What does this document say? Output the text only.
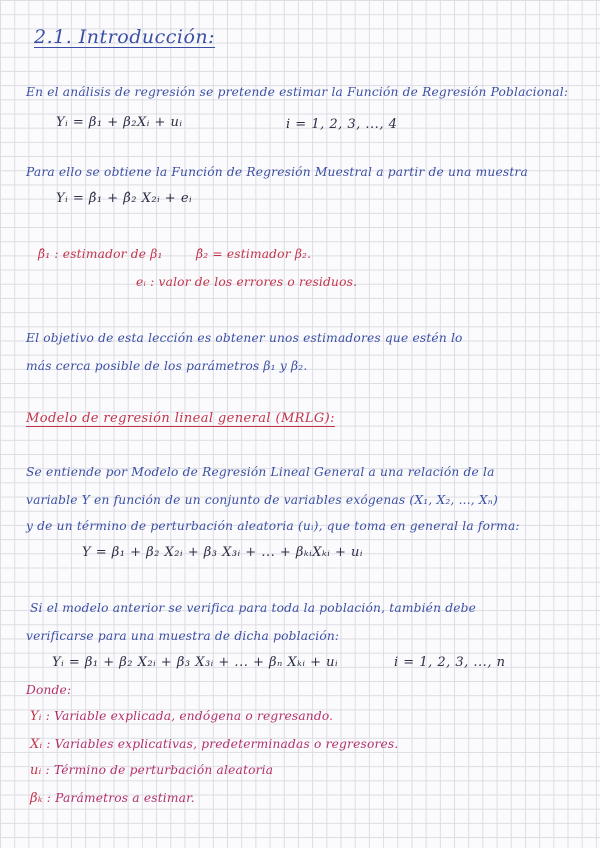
2.1. Introducción:
En el análisis de regresión se pretende estimar la Función de Regresión Poblacional:
Yᵢ = β₁ + β₂Xᵢ + uᵢ	i = 1, 2, 3, ..., 4
Para ello se obtiene la Función de Regresión Muestral a partir de una muestra
Yᵢ = β̂₁ + β̂₂ X₂ᵢ + eᵢ
β̂₁ : estimador de β₁	β̂₂ = estimador β₂.
eᵢ : valor de los errores o residuos.
El objetivo de esta lección es obtener unos estimadores que estén lo
más cerca posible de los parámetros β₁ y β₂.
Modelo de regresión lineal general (MRLG):
Se entiende por Modelo de Regresión Lineal General a una relación de la
variable Y en función de un conjunto de variables exógenas (X₁, X₂, ..., Xₙ)
y de un término de perturbación aleatoria (uᵢ), que toma en general la forma:
Y = β₁ + β₂ X₂ᵢ + β₃ X₃ᵢ + ... + βₖᵢXₖᵢ + uᵢ
Si el modelo anterior se verifica para toda la población, también debe
verificarse para una muestra de dicha población:
Yᵢ = β₁ + β₂ X₂ᵢ + β₃ X₃ᵢ + ... + βₙ Xₖᵢ + uᵢ	i = 1, 2, 3, ..., n
Donde:
Yᵢ : Variable explicada, endógena o regresando.
Xᵢ : Variables explicativas, predeterminadas o regresores.
uᵢ : Término de perturbación aleatoria
βₖ : Parámetros a estimar.
